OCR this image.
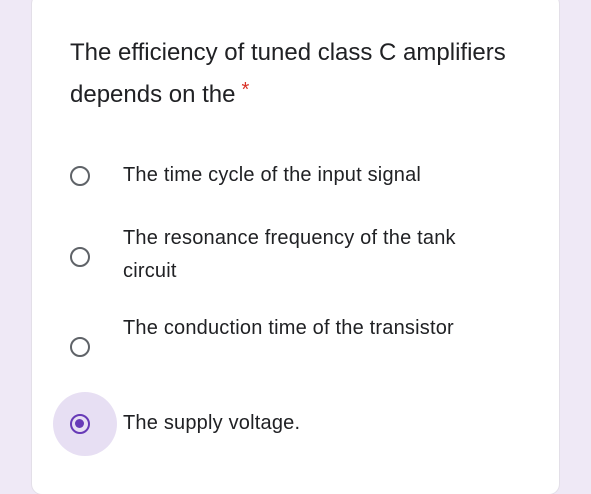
The efficiency of tuned class C amplifiers depends on the *
The time cycle of the input signal
The resonance frequency of the tank circuit
The conduction time of the transistor
The supply voltage.
